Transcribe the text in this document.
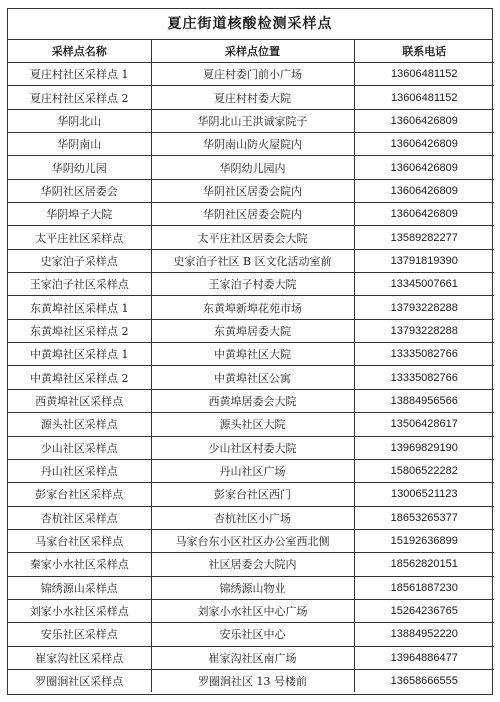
夏庄街道核酸检测采样点
采样点名称	采样点位置	联系电话
夏庄村社区采样点 1	夏庄村委门前小广场	13606481152
夏庄村社区采样点 2	夏庄村村委大院	13606481152
华阴北山	华阴北山王洪诚家院子	13606426809
华阴南山	华阴南山防火屋院内	13606426809
华阴幼儿园	华阴幼儿园内	13606426809
华阴社区居委会	华阴社区居委会院内	13606426809
华阴埠子大院	华阴社区居委会院内	13606426809
太平庄社区采样点	太平庄社区居委会大院	13589282277
史家泊子采样点	史家泊子社区 B 区文化活动室前	13791819390
王家泊子社区采样点	王家泊子村委大院	13345007661
东黄埠社区采样点 1	东黄埠新埠花苑市场	13793228288
东黄埠社区采样点 2	东黄埠居委大院	13793228288
中黄埠社区采样点 1	中黄埠社区大院	13335082766
中黄埠社区采样点 2	中黄埠社区公寓	13335082766
西黄埠社区采样点	西黄埠居委会大院	13884956566
源头社区采样点	源头社区大院	13506428617
少山社区采样点	少山社区村委大院	13969829190
丹山社区采样点	丹山社区广场	15806522282
彭家台社区采样点	彭家台社区西门	13006521123
杏杭社区采样点	杏杭社区小广场	18653265377
马家台社区采样点	马家台东小区社区办公室西北侧	15192636899
秦家小水社区采样点	社区居委会大院内	18562820151
锦绣源山采样点	锦绣源山物业	18561887230
刘家小水社区采样点	刘家小水社区中心广场	15264236765
安乐社区采样点	安乐社区中心	13884952220
崔家沟社区采样点	崔家沟社区南广场	13964886477
罗圈涧社区采样点	罗圈涧社区 13 号楼前	13658666555
